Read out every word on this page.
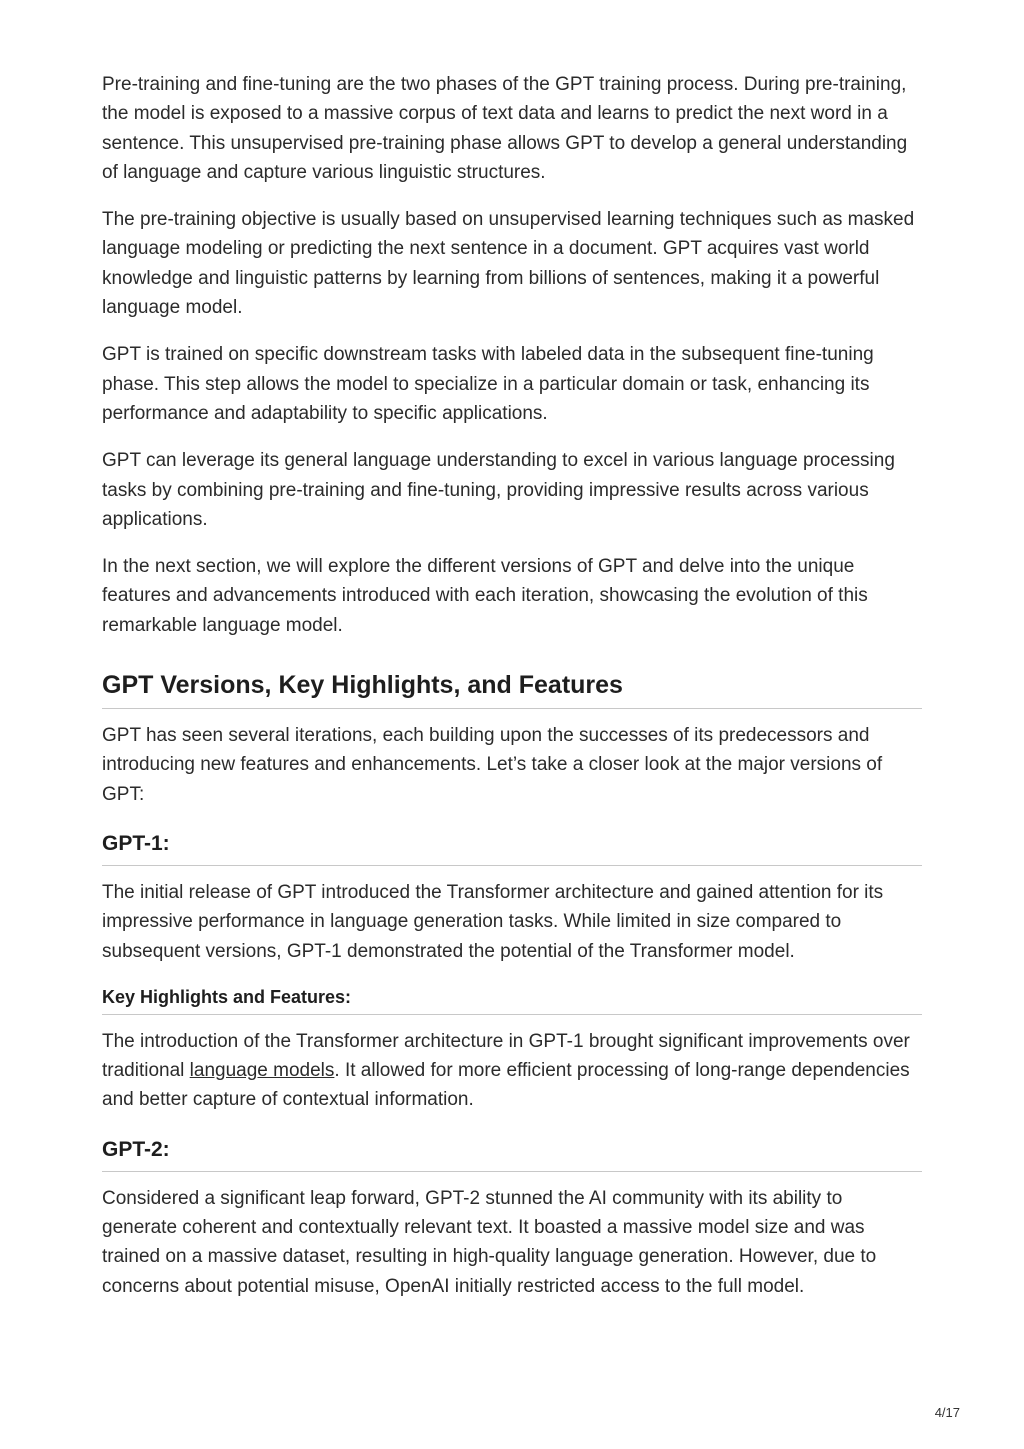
Pre-training and fine-tuning are the two phases of the GPT training process. During pre-training, the model is exposed to a massive corpus of text data and learns to predict the next word in a sentence. This unsupervised pre-training phase allows GPT to develop a general understanding of language and capture various linguistic structures.

The pre-training objective is usually based on unsupervised learning techniques such as masked language modeling or predicting the next sentence in a document. GPT acquires vast world knowledge and linguistic patterns by learning from billions of sentences, making it a powerful language model.

GPT is trained on specific downstream tasks with labeled data in the subsequent fine-tuning phase. This step allows the model to specialize in a particular domain or task, enhancing its performance and adaptability to specific applications.

GPT can leverage its general language understanding to excel in various language processing tasks by combining pre-training and fine-tuning, providing impressive results across various applications.

In the next section, we will explore the different versions of GPT and delve into the unique features and advancements introduced with each iteration, showcasing the evolution of this remarkable language model.

GPT Versions, Key Highlights, and Features

GPT has seen several iterations, each building upon the successes of its predecessors and introducing new features and enhancements. Let’s take a closer look at the major versions of GPT:

GPT-1:

The initial release of GPT introduced the Transformer architecture and gained attention for its impressive performance in language generation tasks. While limited in size compared to subsequent versions, GPT-1 demonstrated the potential of the Transformer model.

Key Highlights and Features:

The introduction of the Transformer architecture in GPT-1 brought significant improvements over traditional language models. It allowed for more efficient processing of long-range dependencies and better capture of contextual information.

GPT-2:

Considered a significant leap forward, GPT-2 stunned the AI community with its ability to generate coherent and contextually relevant text. It boasted a massive model size and was trained on a massive dataset, resulting in high-quality language generation. However, due to concerns about potential misuse, OpenAI initially restricted access to the full model.

4/17
